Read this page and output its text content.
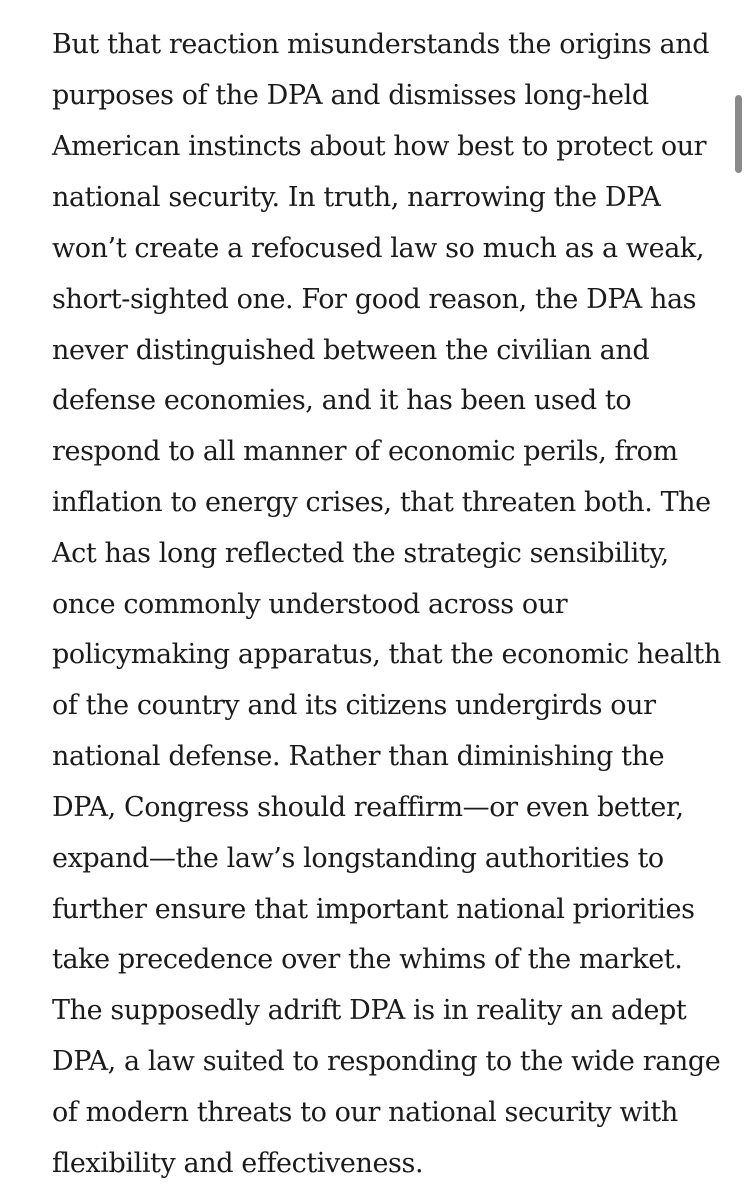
But that reaction misunderstands the origins and

purposes of the DPA and dismisses long-held

American instincts about how best to protect our

national security. In truth, narrowing the DPA

won’t create a refocused law so much as a weak,

short-sighted one. For good reason, the DPA has

never distinguished between the civilian and

defense economies, and it has been used to

respond to all manner of economic perils, from

inflation to energy crises, that threaten both. The

Act has long reflected the strategic sensibility,

once commonly understood across our

policymaking apparatus, that the economic health

of the country and its citizens undergirds our

national defense. Rather than diminishing the

DPA, Congress should reaffirm—or even better,

expand—the law’s longstanding authorities to

further ensure that important national priorities

take precedence over the whims of the market.

The supposedly adrift DPA is in reality an adept

DPA, a law suited to responding to the wide range

of modern threats to our national security with

flexibility and effectiveness.
